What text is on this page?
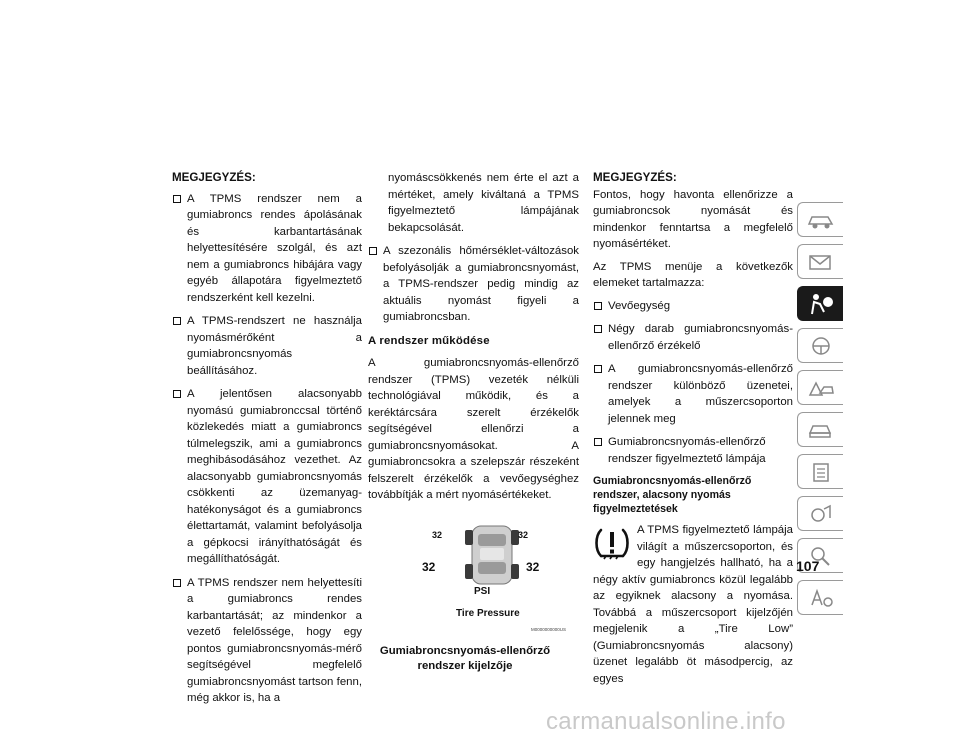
MEGJEGYZÉS:
A TPMS rendszer nem a gumiabroncs rendes ápolásának és karbantartásának helyettesítésére szolgál, és azt nem a gumiabroncs hibájára vagy egyéb állapotára figyelmeztető rendszerként kell kezelni.
A TPMS-rendszert ne használja nyomásmérőként a gumiabroncsnyomás beállításához.
A jelentősen alacsonyabb nyomású gumiabronccsal történő közlekedés miatt a gumiabroncs túlmelegszik, ami a gumiabroncs meghibásodásához vezethet. Az alacsonyabb gumiabroncsnyomás csökkenti az üzemanyag-hatékonyságot és a gumiabroncs élettartamát, valamint befolyásolja a gépkocsi irányíthatóságát és megállíthatóságát.
A TPMS rendszer nem helyettesíti a gumiabroncs rendes karbantartását; az mindenkor a vezető felelőssége, hogy egy pontos gumiabroncsnyomás-mérő segítségével megfelelő gumiabroncsnyomást tartson fenn, még akkor is, ha a
nyomáscsökkenés nem érte el azt a mértéket, amely kiváltaná a TPMS figyelmeztető lámpájának bekapcsolását.
A szezonális hőmérséklet-változások befolyásolják a gumiabroncsnyomást, a TPMS-rendszer pedig mindig az aktuális nyomást figyeli a gumiabroncsban.
A rendszer működése

A gumiabroncsnyomás-ellenőrző rendszer (TPMS) vezeték nélküli technológiával működik, és a keréktárcsára szerelt érzékelők segítségével ellenőrzi a gumiabroncsnyomásokat. A gumiabroncsokra a szelepszár részeként felszerelt érzékelők a vevőegységhez továbbítják a mért nyomásértékeket.

32	32
32	32
PSI
Tire Pressure
M0000000000US
Gumiabroncsnyomás-ellenőrző rendszer kijelzője
MEGJEGYZÉS:

Fontos, hogy havonta ellenőrizze a gumiabroncsok nyomását és mindenkor fenntartsa a megfelelő nyomásértéket.

Az TPMS menüje a következők elemeket tartalmazza:

Vevőegység
Négy darab gumiabroncsnyomás-ellenőrző érzékelő
A gumiabroncsnyomás-ellenőrző rendszer különböző üzenetei, amelyek a műszercsoporton jelennek meg
Gumiabroncsnyomás-ellenőrző rendszer figyelmeztető lámpája
Gumiabroncsnyomás-ellenőrző rendszer, alacsony nyomás figyelmeztetések

A TPMS figyelmeztető lámpája világít a műszercsoporton, és egy hangjelzés hallható, ha a négy aktív gumiabroncs közül legalább az egyiknek alacsony a nyomása. Továbbá a műszercsoport kijelzőjén megjelenik a „Tire Low” (Gumiabroncsnyomás alacsony) üzenet legalább öt másodpercig, az egyes

107
carmanualsonline.info
